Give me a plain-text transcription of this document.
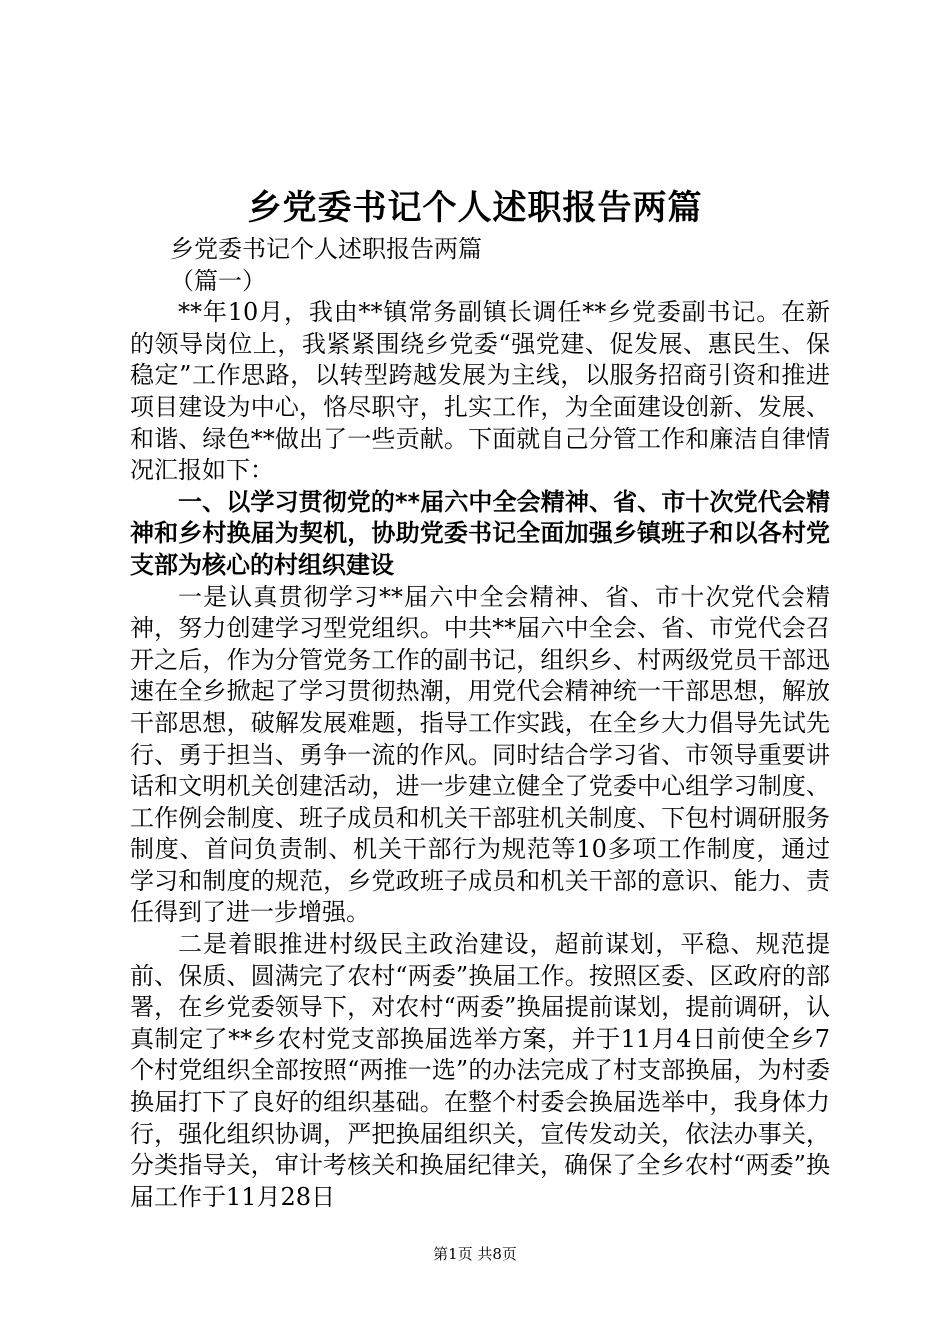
乡党委书记个人述职报告两篇

乡党委书记个人述职报告两篇

（篇一）

**年10月，我由**镇常务副镇长调任**乡党委副书记。在新的领导岗位上，我紧紧围绕乡党委“强党建、促发展、惠民生、保稳定”工作思路，以转型跨越发展为主线，以服务招商引资和推进项目建设为中心，恪尽职守，扎实工作，为全面建设创新、发展、和谐、绿色**做出了一些贡献。下面就自己分管工作和廉洁自律情况汇报如下：

一、以学习贯彻党的**届六中全会精神、省、市十次党代会精神和乡村换届为契机，协助党委书记全面加强乡镇班子和以各村党支部为核心的村组织建设

一是认真贯彻学习**届六中全会精神、省、市十次党代会精神，努力创建学习型党组织。中共**届六中全会、省、市党代会召开之后，作为分管党务工作的副书记，组织乡、村两级党员干部迅速在全乡掀起了学习贯彻热潮，用党代会精神统一干部思想，解放干部思想，破解发展难题，指导工作实践，在全乡大力倡导先试先行、勇于担当、勇争一流的作风。同时结合学习省、市领导重要讲话和文明机关创建活动，进一步建立健全了党委中心组学习制度、工作例会制度、班子成员和机关干部驻机关制度、下包村调研服务制度、首问负责制、机关干部行为规范等10多项工作制度，通过学习和制度的规范，乡党政班子成员和机关干部的意识、能力、责任得到了进一步增强。

二是着眼推进村级民主政治建设，超前谋划，平稳、规范提前、保质、圆满完了农村“两委”换届工作。按照区委、区政府的部署，在乡党委领导下，对农村“两委”换届提前谋划，提前调研，认真制定了**乡农村党支部换届选举方案，并于11月4日前使全乡7个村党组织全部按照“两推一选”的办法完成了村支部换届，为村委换届打下了良好的组织基础。在整个村委会换届选举中，我身体力行，强化组织协调，严把换届组织关，宣传发动关，依法办事关，分类指导关，审计考核关和换届纪律关，确保了全乡农村“两委”换届工作于11月28日

第1页 共8页
